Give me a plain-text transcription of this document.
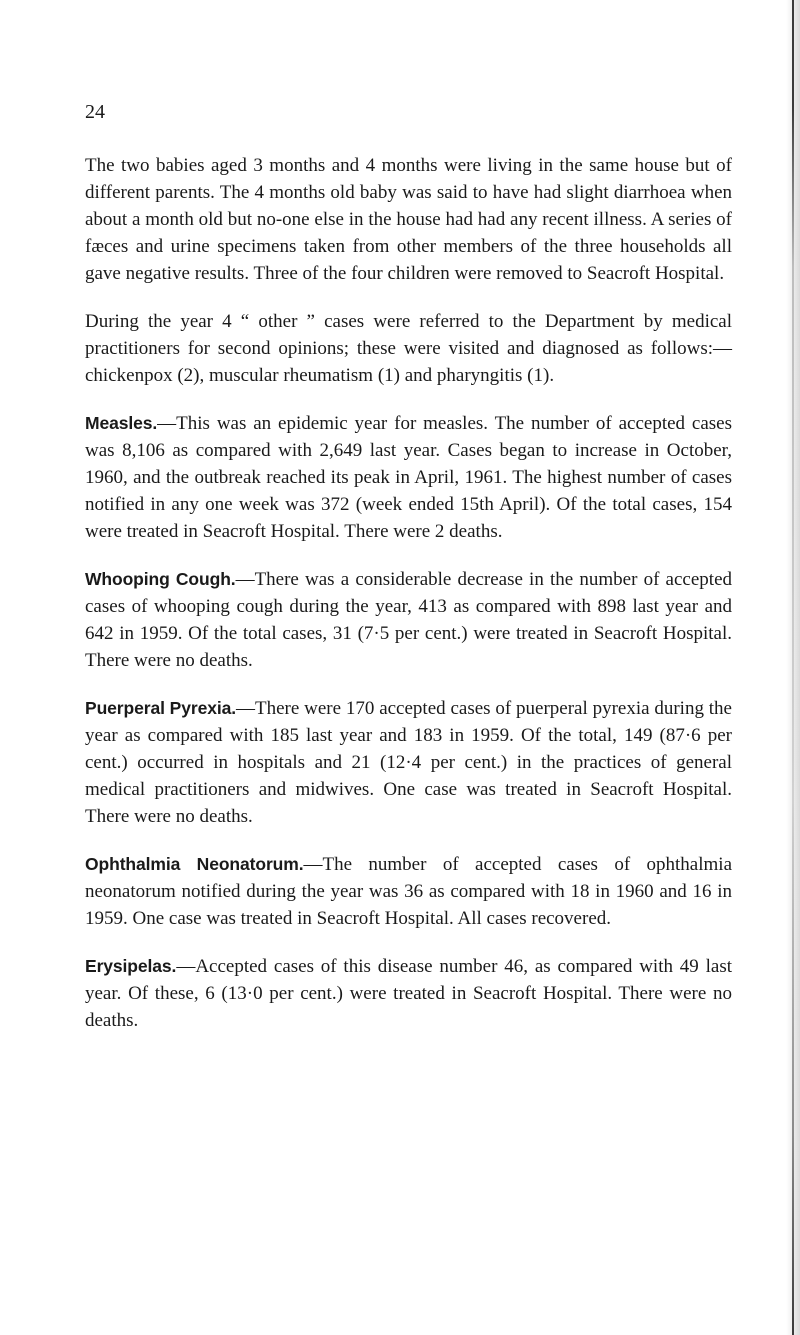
24

The two babies aged 3 months and 4 months were living in the same house but of different parents. The 4 months old baby was said to have had slight diarrhoea when about a month old but no-one else in the house had had any recent illness. A series of fæces and urine specimens taken from other members of the three households all gave negative results. Three of the four children were removed to Seacroft Hospital.

During the year 4 “ other ” cases were referred to the Department by medical practitioners for second opinions; these were visited and diagnosed as follows:— chickenpox (2), muscular rheumatism (1) and pharyngitis (1).

Measles.—This was an epidemic year for measles. The number of accepted cases was 8,106 as compared with 2,649 last year. Cases began to increase in October, 1960, and the outbreak reached its peak in April, 1961. The highest number of cases notified in any one week was 372 (week ended 15th April). Of the total cases, 154 were treated in Seacroft Hospital. There were 2 deaths.

Whooping Cough.—There was a considerable decrease in the number of accepted cases of whooping cough during the year, 413 as compared with 898 last year and 642 in 1959. Of the total cases, 31 (7·5 per cent.) were treated in Seacroft Hospital. There were no deaths.

Puerperal Pyrexia.—There were 170 accepted cases of puerperal pyrexia during the year as compared with 185 last year and 183 in 1959. Of the total, 149 (87·6 per cent.) occurred in hospitals and 21 (12·4 per cent.) in the practices of general medical practitioners and midwives. One case was treated in Seacroft Hospital. There were no deaths.

Ophthalmia Neonatorum.—The number of accepted cases of ophthalmia neonatorum notified during the year was 36 as compared with 18 in 1960 and 16 in 1959. One case was treated in Seacroft Hospital. All cases recovered.

Erysipelas.—Accepted cases of this disease number 46, as compared with 49 last year. Of these, 6 (13·0 per cent.) were treated in Seacroft Hospital. There were no deaths.
